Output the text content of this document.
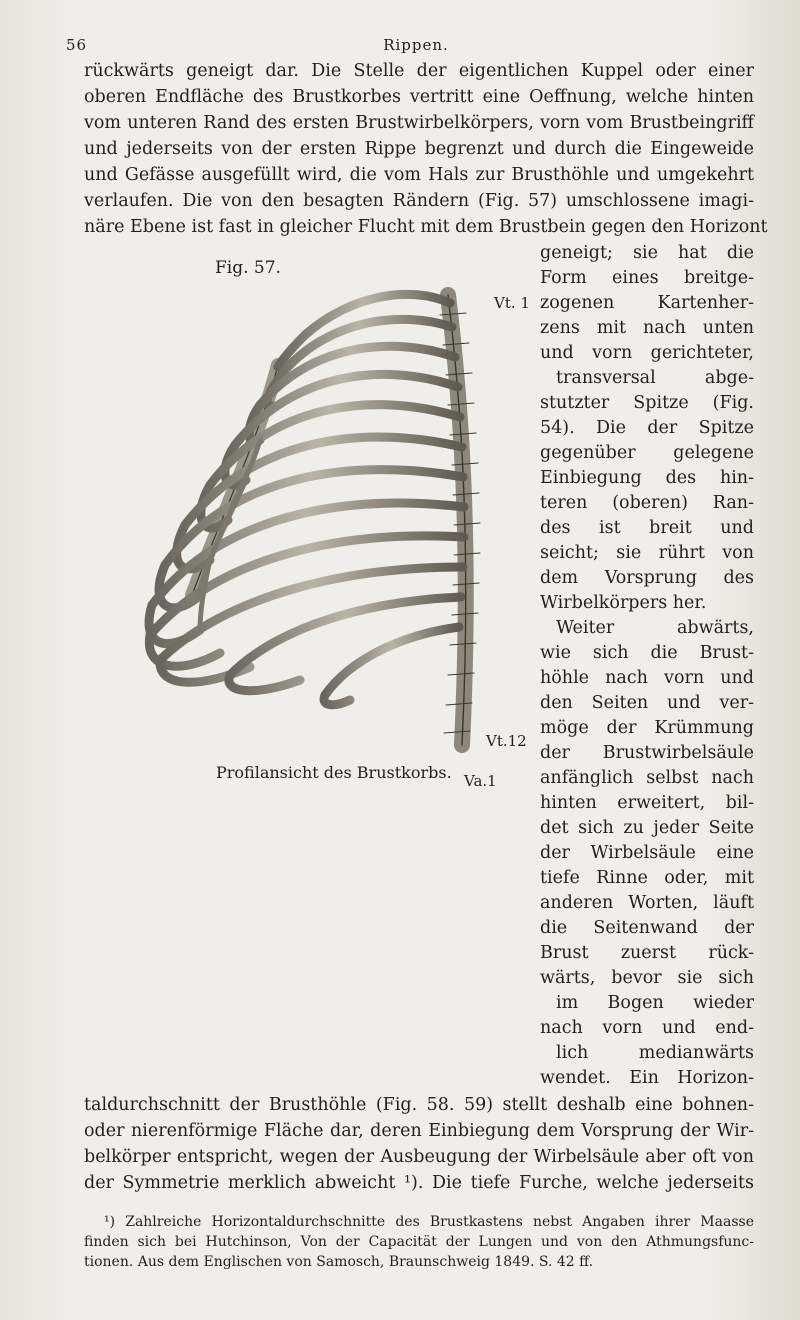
56	Rippen.
rückwärts geneigt dar. Die Stelle der eigentlichen Kuppel oder einer
oberen Endfläche des Brustkorbes vertritt eine Oeffnung, welche hinten
vom unteren Rand des ersten Brustwirbelkörpers, vorn vom Brustbeingriff
und jederseits von der ersten Rippe begrenzt und durch die Eingeweide
und Gefässe ausgefüllt wird, die vom Hals zur Brusthöhle und umgekehrt
verlaufen. Die von den besagten Rändern (Fig. 57) umschlossene imagi-
näre Ebene ist fast in gleicher Flucht mit dem Brustbein gegen den Horizont
Fig. 57.
Vt. 1
Vt.12
Va.1
Profilansicht des Brustkorbs.
geneigt; sie hat die
Form eines breitge-
zogenen Kartenher-
zens mit nach unten
und vorn gerichteter,
transversal abge-
stutzter Spitze (Fig.
54). Die der Spitze
gegenüber gelegene
Einbiegung des hin-
teren (oberen) Ran-
des ist breit und
seicht; sie rührt von
dem Vorsprung des
Wirbelkörpers her.
Weiter abwärts,
wie sich die Brust-
höhle nach vorn und
den Seiten und ver-
möge der Krümmung
der Brustwirbelsäule
anfänglich selbst nach
hinten erweitert, bil-
det sich zu jeder Seite
der Wirbelsäule eine
tiefe Rinne oder, mit
anderen Worten, läuft
die Seitenwand der
Brust zuerst rück-
wärts, bevor sie sich
im Bogen wieder
nach vorn und end-
lich medianwärts
wendet. Ein Horizon-
taldurchschnitt der Brusthöhle (Fig. 58. 59) stellt deshalb eine bohnen-
oder nierenförmige Fläche dar, deren Einbiegung dem Vorsprung der Wir-
belkörper entspricht, wegen der Ausbeugung der Wirbelsäule aber oft von
der Symmetrie merklich abweicht ¹). Die tiefe Furche, welche jederseits
¹) Zahlreiche Horizontaldurchschnitte des Brustkastens nebst Angaben ihrer Maasse
finden sich bei Hutchinson, Von der Capacität der Lungen und von den Athmungsfunc-
tionen. Aus dem Englischen von Samosch, Braunschweig 1849. S. 42 ff.
